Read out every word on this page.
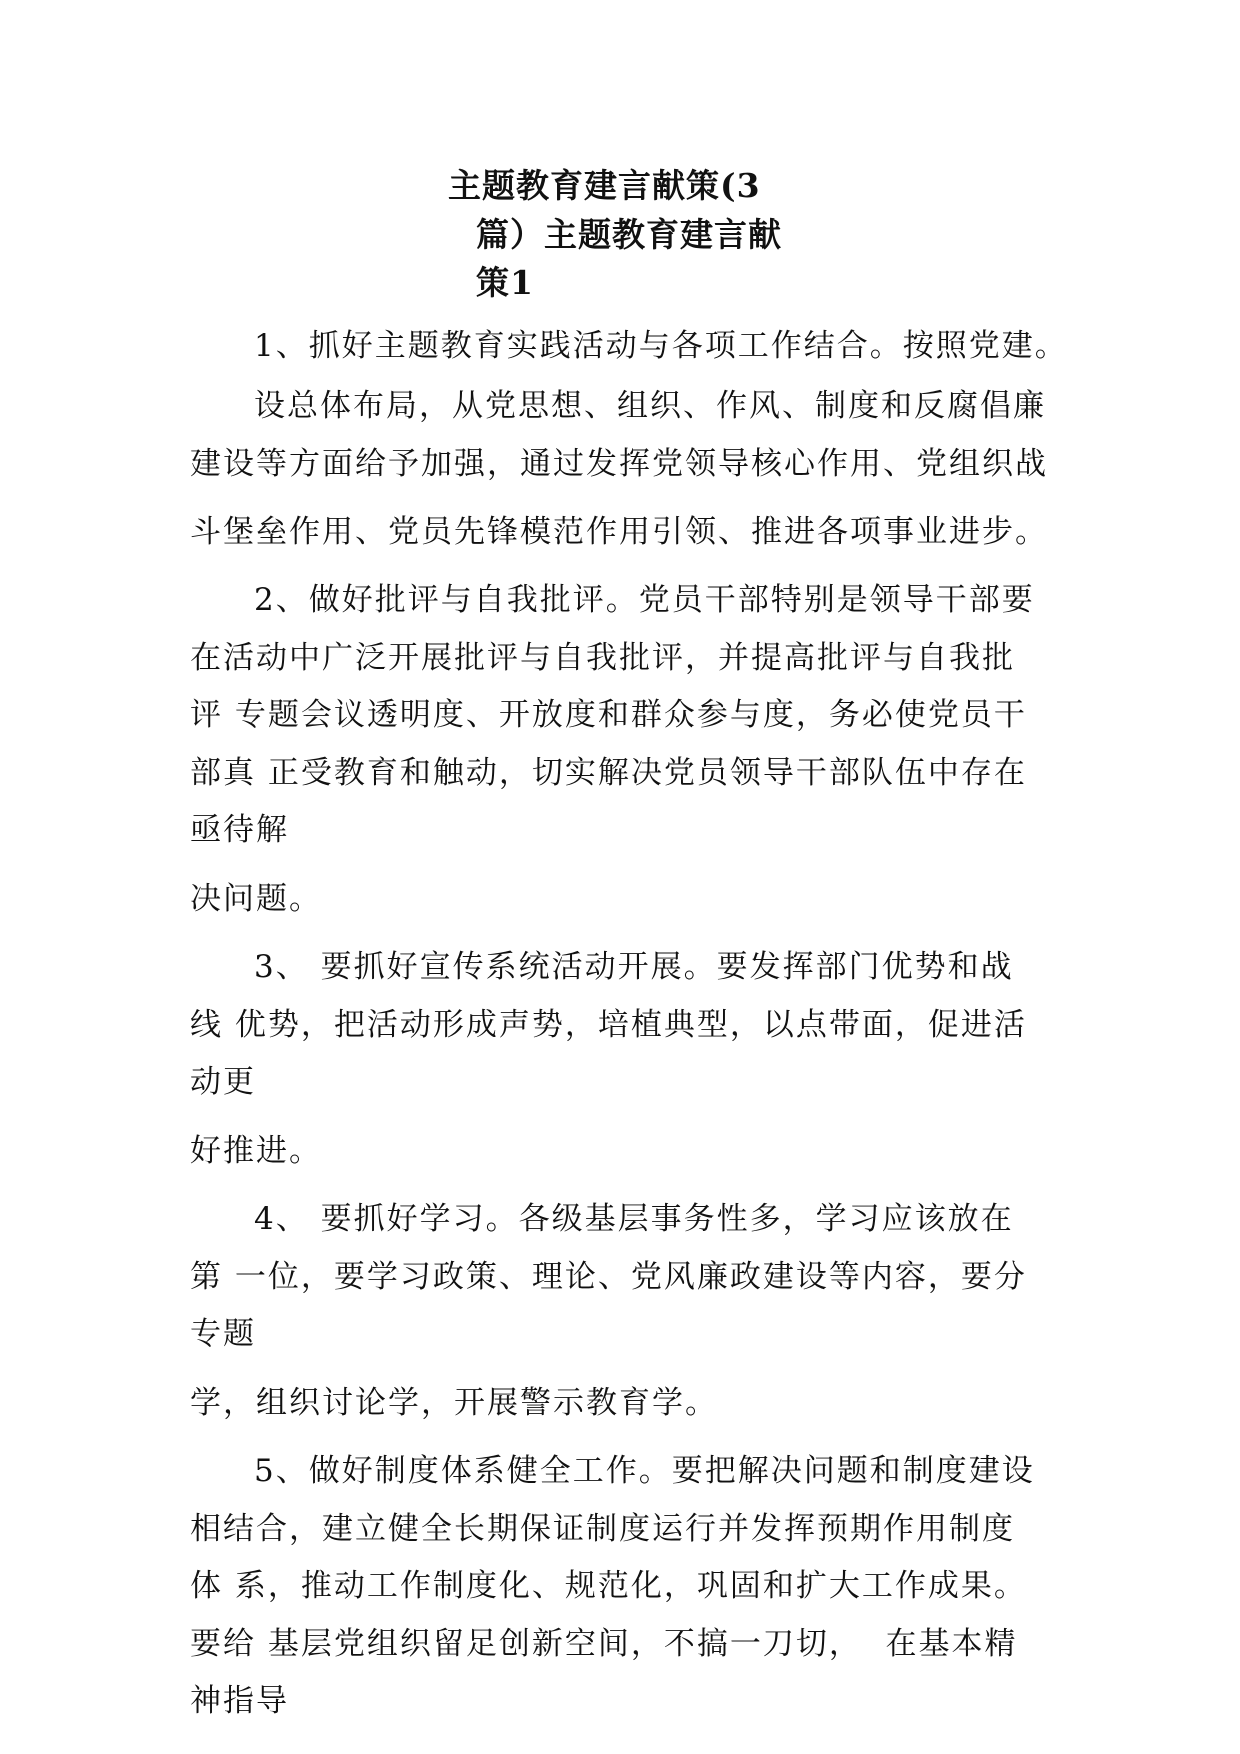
主题教育建言献策(3
篇）主题教育建言献
策1
1、抓好主题教育实践活动与各项工作结合。按照党建。
设总体布局，从党思想、组织、作风、制度和反腐倡廉
建设等方面给予加强，通过发挥党领导核心作用、党组织战
斗堡垒作用、党员先锋模范作用引领、推进各项事业进步。
2、做好批评与自我批评。党员干部特别是领导干部要
在活动中广泛开展批评与自我批评，并提高批评与自我批
评 专题会议透明度、开放度和群众参与度，务必使党员干
部真 正受教育和触动，切实解决党员领导干部队伍中存在
亟待解
决问题。
3、 要抓好宣传系统活动开展。要发挥部门优势和战
线 优势，把活动形成声势，培植典型，以点带面，促进活
动更
好推进。
4、 要抓好学习。各级基层事务性多，学习应该放在
第 一位，要学习政策、理论、党风廉政建设等内容，要分
专题
学，组织讨论学，开展警示教育学。
5、做好制度体系健全工作。要把解决问题和制度建设
相结合，建立健全长期保证制度运行并发挥预期作用制度
体 系，推动工作制度化、规范化，巩固和扩大工作成果。
要给 基层党组织留足创新空间，不搞一刀切，  在基本精
神指导
